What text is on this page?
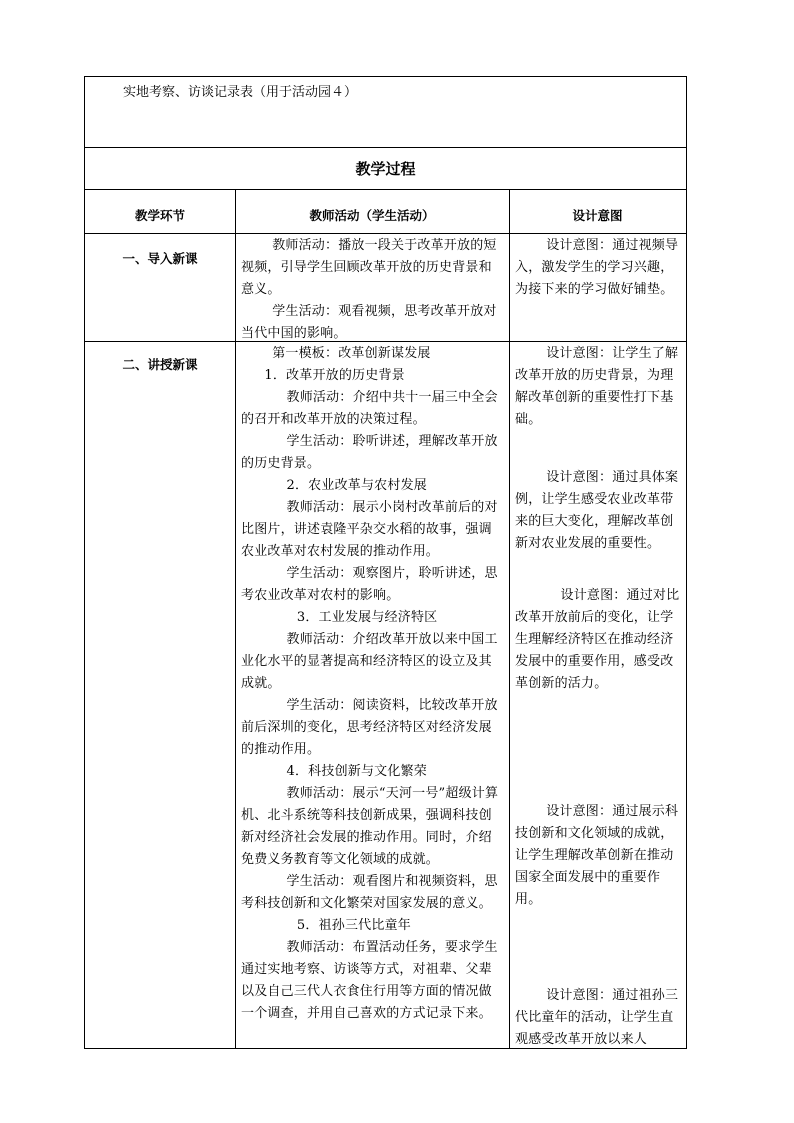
实地考察、访谈记录表（用于活动园４）
教学过程
教学环节	教师活动（学生活动）	设计意图
一、导入新课

教师活动：播放一段关于改革开放的短视频，引导学生回顾改革开放的历史背景和意义。

学生活动：观看视频，思考改革开放对当代中国的影响。

设计意图：通过视频导入，激发学生的学习兴趣，为接下来的学习做好铺垫。

二、讲授新课

第一模板：改革创新谋发展

1．改革开放的历史背景

教师活动：介绍中共十一届三中全会的召开和改革开放的决策过程。

学生活动：聆听讲述，理解改革开放的历史背景。

2．农业改革与农村发展

教师活动：展示小岗村改革前后的对比图片，讲述袁隆平杂交水稻的故事，强调农业改革对农村发展的推动作用。

学生活动：观察图片，聆听讲述，思考农业改革对农村的影响。

3．工业发展与经济特区

教师活动：介绍改革开放以来中国工业化水平的显著提高和经济特区的设立及其成就。

学生活动：阅读资料，比较改革开放前后深圳的变化，思考经济特区对经济发展的推动作用。

4．科技创新与文化繁荣

教师活动：展示“天河一号”超级计算机、北斗系统等科技创新成果，强调科技创新对经济社会发展的推动作用。同时，介绍免费义务教育等文化领域的成就。

学生活动：观看图片和视频资料，思考科技创新和文化繁荣对国家发展的意义。

5．祖孙三代比童年

教师活动：布置活动任务，要求学生通过实地考察、访谈等方式，对祖辈、父辈以及自己三代人衣食住行用等方面的情况做一个调查，并用自己喜欢的方式记录下来。

设计意图：让学生了解改革开放的历史背景，为理解改革创新的重要性打下基础。

设计意图：通过具体案例，让学生感受农业改革带来的巨大变化，理解改革创新对农业发展的重要性。

设计意图：通过对比改革开放前后的变化，让学生理解经济特区在推动经济发展中的重要作用，感受改革创新的活力。

设计意图：通过展示科技创新和文化领域的成就，让学生理解改革创新在推动国家全面发展中的重要作用。

设计意图：通过祖孙三代比童年的活动，让学生直观感受改革开放以来人
